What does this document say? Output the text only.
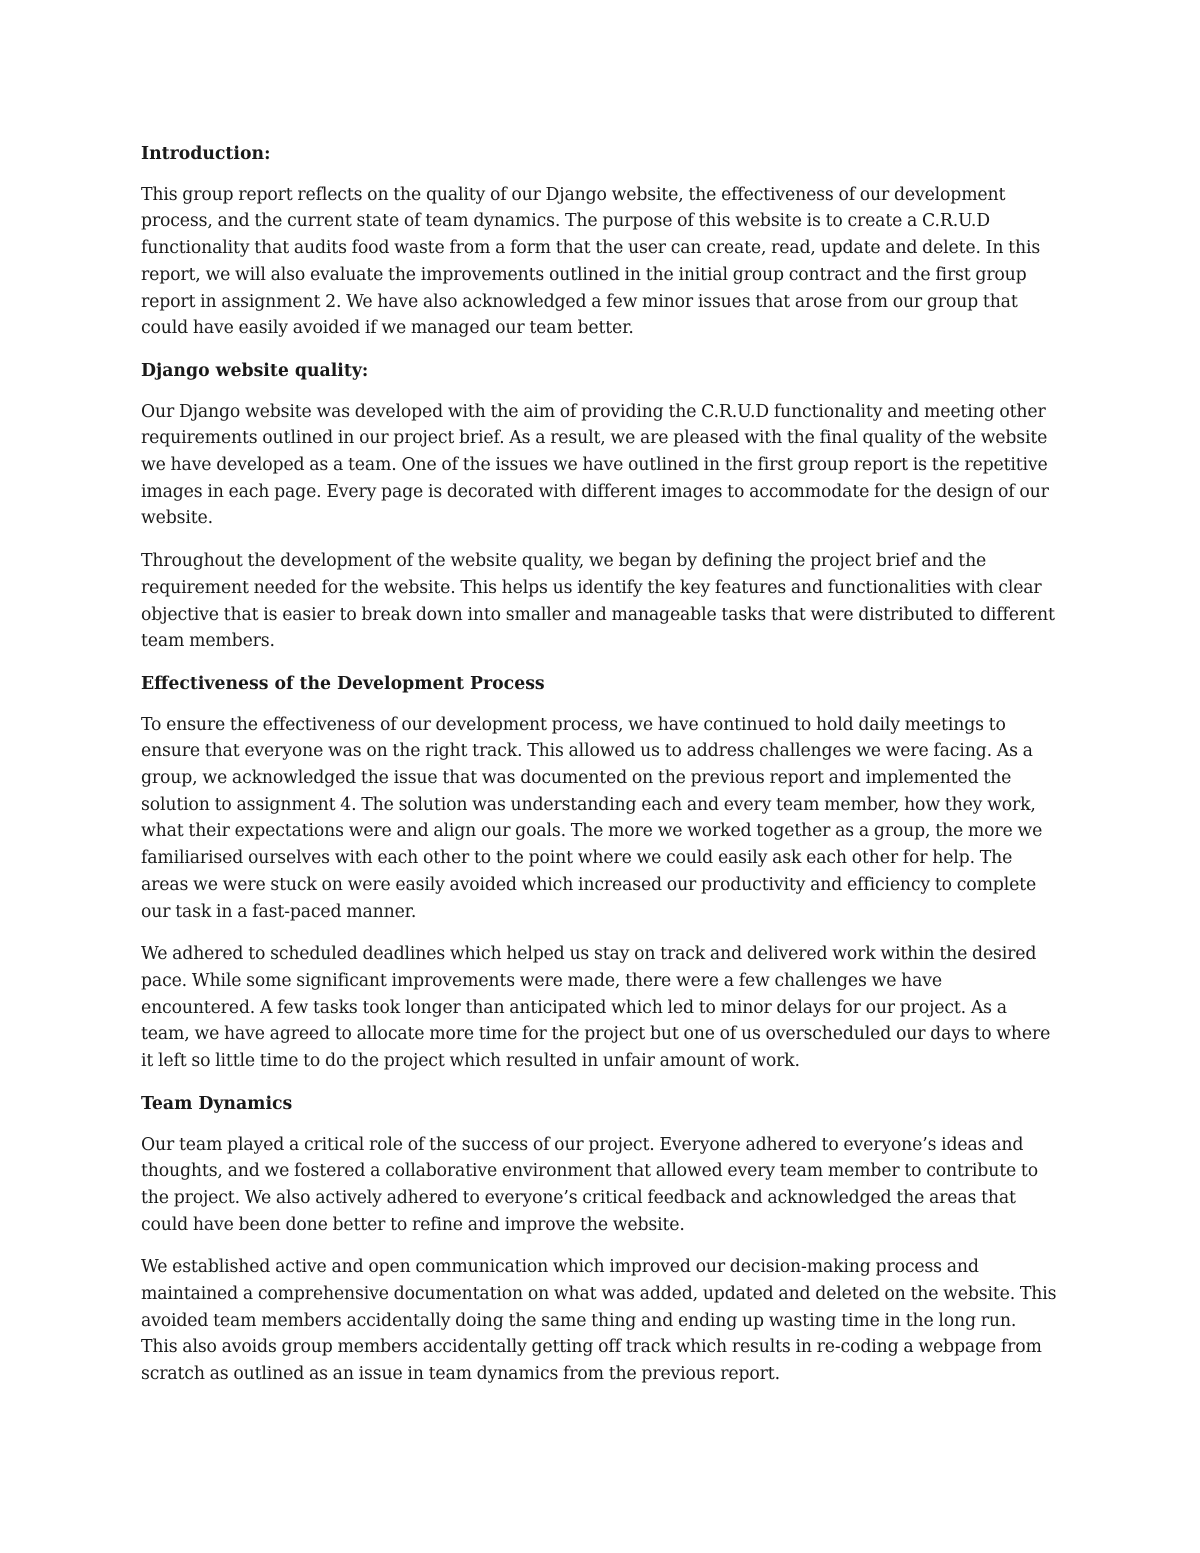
Introduction:

This group report reflects on the quality of our Django website, the effectiveness of our development process, and the current state of team dynamics. The purpose of this website is to create a C.R.U.D functionality that audits food waste from a form that the user can create, read, update and delete. In this report, we will also evaluate the improvements outlined in the initial group contract and the first group report in assignment 2. We have also acknowledged a few minor issues that arose from our group that could have easily avoided if we managed our team better.

Django website quality:

Our Django website was developed with the aim of providing the C.R.U.D functionality and meeting other requirements outlined in our project brief. As a result, we are pleased with the final quality of the website we have developed as a team. One of the issues we have outlined in the first group report is the repetitive images in each page. Every page is decorated with different images to accommodate for the design of our website.

Throughout the development of the website quality, we began by defining the project brief and the requirement needed for the website. This helps us identify the key features and functionalities with clear objective that is easier to break down into smaller and manageable tasks that were distributed to different team members.

Effectiveness of the Development Process

To ensure the effectiveness of our development process, we have continued to hold daily meetings to ensure that everyone was on the right track. This allowed us to address challenges we were facing. As a group, we acknowledged the issue that was documented on the previous report and implemented the solution to assignment 4. The solution was understanding each and every team member, how they work, what their expectations were and align our goals. The more we worked together as a group, the more we familiarised ourselves with each other to the point where we could easily ask each other for help. The areas we were stuck on were easily avoided which increased our productivity and efficiency to complete our task in a fast-paced manner.

We adhered to scheduled deadlines which helped us stay on track and delivered work within the desired pace. While some significant improvements were made, there were a few challenges we have encountered. A few tasks took longer than anticipated which led to minor delays for our project. As a team, we have agreed to allocate more time for the project but one of us overscheduled our days to where it left so little time to do the project which resulted in unfair amount of work.

Team Dynamics

Our team played a critical role of the success of our project. Everyone adhered to everyone’s ideas and thoughts, and we fostered a collaborative environment that allowed every team member to contribute to the project. We also actively adhered to everyone’s critical feedback and acknowledged the areas that could have been done better to refine and improve the website.

We established active and open communication which improved our decision-making process and maintained a comprehensive documentation on what was added, updated and deleted on the website. This avoided team members accidentally doing the same thing and ending up wasting time in the long run. This also avoids group members accidentally getting off track which results in re-coding a webpage from scratch as outlined as an issue in team dynamics from the previous report.
